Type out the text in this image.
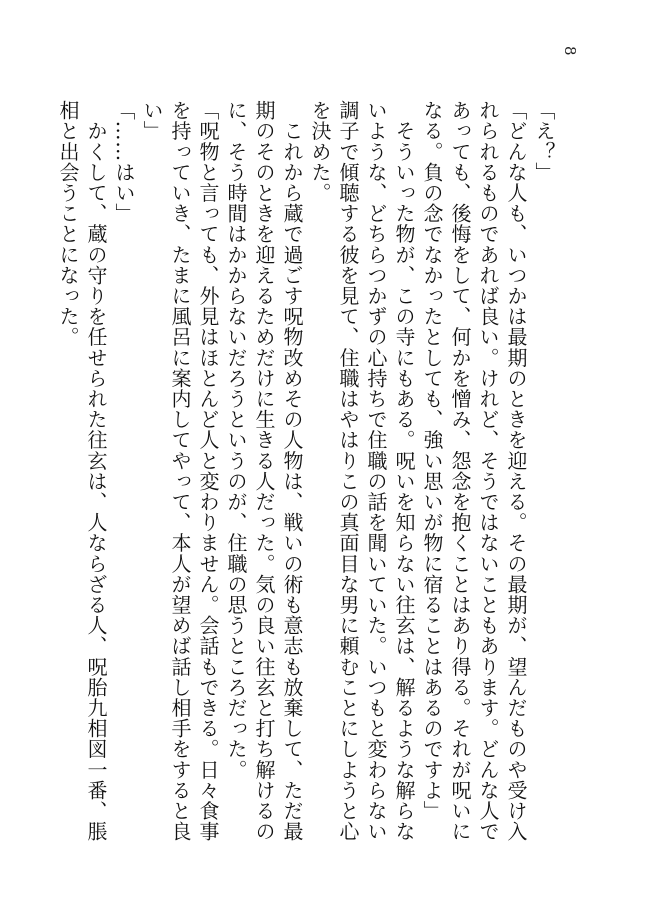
8

「え？」

「どんな人も、いつかは最期のときを迎える。その最期が、望んだものや受け入れられるものであれば良い。けれど、そうではないこともあります。どんな人であっても、後悔をして、何かを憎み、怨念を抱くことはあり得る。それが呪いになる。負の念でなかったとしても、強い思いが物に宿ることはあるのですよ」

　そういった物が、この寺にもある。呪いを知らない往玄は、解るような解らないような、どちらつかずの心持ちで住職の話を聞いていた。いつもと変わらない調子で傾聴する彼を見て、住職はやはりこの真面目な男に頼むことにしようと心を決めた。

　これから蔵で過ごす呪物改めその人物は、戦いの術も意志も放棄して、ただ最期のそのときを迎えるためだけに生きる人だった。気の良い往玄と打ち解けるのに、そう時間はかからないだろうというのが、住職の思うところだった。

「呪物と言っても、外見はほとんど人と変わりません。会話もできる。日々食事を持っていき、たまに風呂に案内してやって、本人が望めば話し相手をすると良い」

「……はい」

　かくして、蔵の守りを任せられた往玄は、人ならざる人、呪胎九相図一番、脹相と出会うことになった。
